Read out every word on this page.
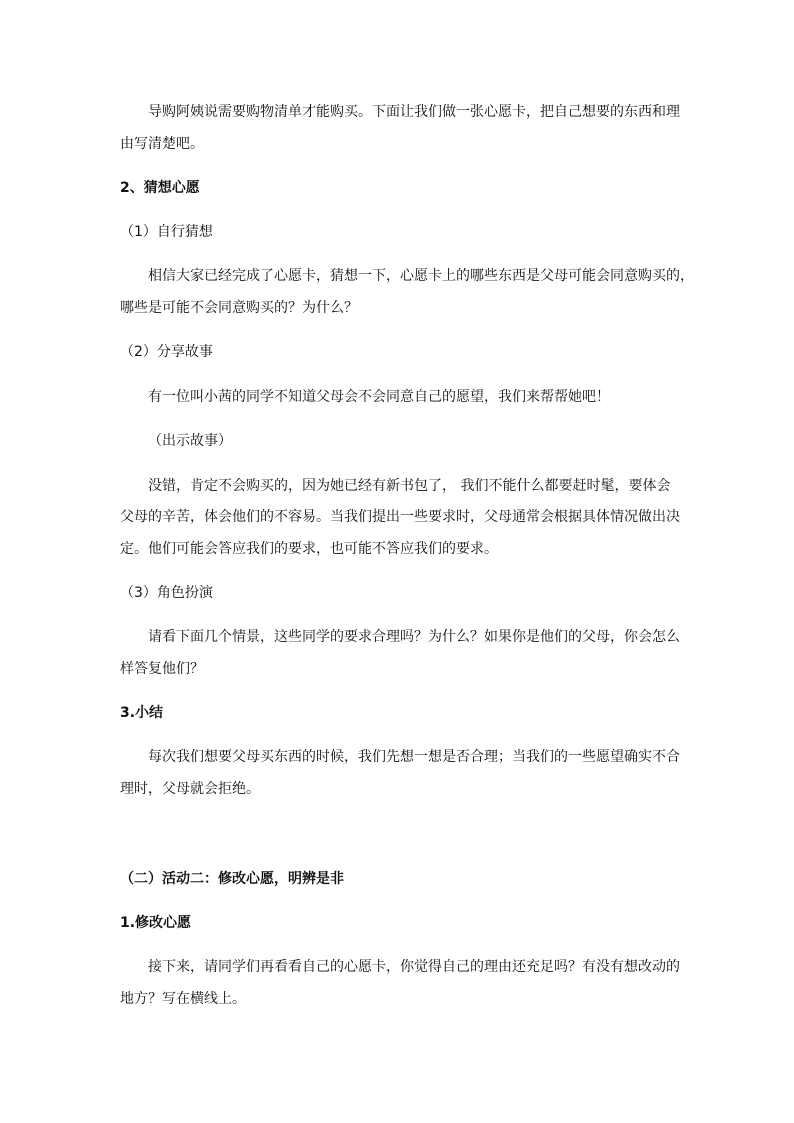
导购阿姨说需要购物清单才能购买。下面让我们做一张心愿卡，把自己想要的东西和理
由写清楚吧。
2、猜想心愿
（1）自行猜想
相信大家已经完成了心愿卡，猜想一下，心愿卡上的哪些东西是父母可能会同意购买的，
哪些是可能不会同意购买的？为什么？
（2）分享故事
有一位叫小茜的同学不知道父母会不会同意自己的愿望，我们来帮帮她吧！
（出示故事）
没错，肯定不会购买的，因为她已经有新书包了， 我们不能什么都要赶时髦，要体会
父母的辛苦，体会他们的不容易。当我们提出一些要求时，父母通常会根据具体情况做出决
定。他们可能会答应我们的要求，也可能不答应我们的要求。
（3）角色扮演
请看下面几个情景，这些同学的要求合理吗？为什么？如果你是他们的父母，你会怎么
样答复他们？
3.小结
每次我们想要父母买东西的时候，我们先想一想是否合理；当我们的一些愿望确实不合
理时，父母就会拒绝。
（二）活动二：修改心愿，明辨是非
1.修改心愿
接下来，请同学们再看看自己的心愿卡，你觉得自己的理由还充足吗？有没有想改动的
地方？写在横线上。
